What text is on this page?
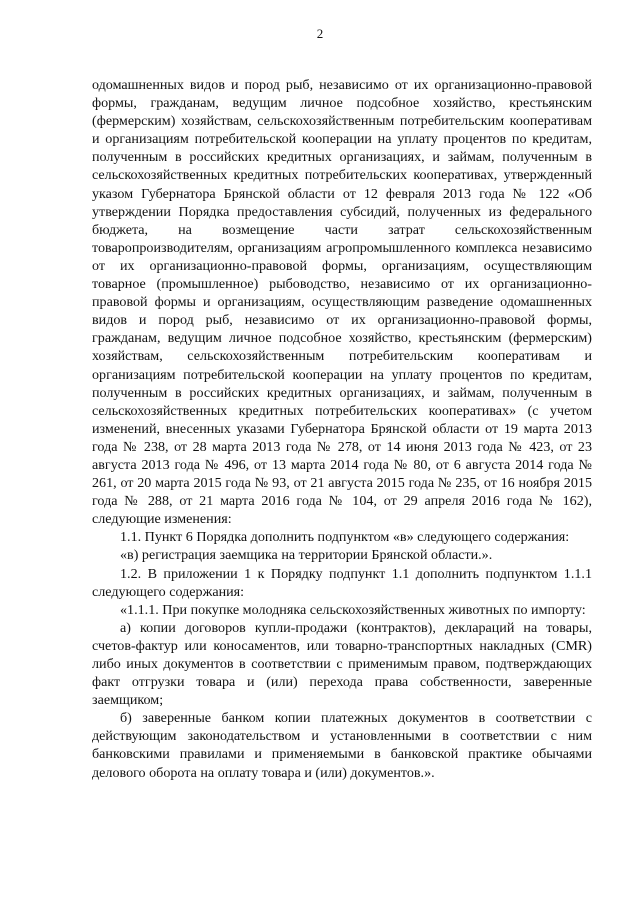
2

одомашненных видов и пород рыб, независимо от их организационно-правовой формы, гражданам, ведущим личное подсобное хозяйство, крестьянским (фермерским) хозяйствам, сельскохозяйственным потребительским кооперативам и организациям потребительской кооперации на уплату процентов по кредитам, полученным в российских кредитных организациях, и займам, полученным в сельскохозяйственных кредитных потребительских кооперативах, утвержденный указом Губернатора Брянской области от 12 февраля 2013 года № 122 «Об утверждении Порядка предоставления субсидий, полученных из федерального бюджета, на возмещение части затрат сельскохозяйственным товаропроизводителям, организациям агропромышленного комплекса независимо от их организационно-правовой формы, организациям, осуществляющим товарное (промышленное) рыбоводство, независимо от их организационно-правовой формы и организациям, осуществляющим разведение одомашненных видов и пород рыб, независимо от их организационно-правовой формы, гражданам, ведущим личное подсобное хозяйство, крестьянским (фермерским) хозяйствам, сельскохозяйственным потребительским кооперативам и организациям потребительской кооперации на уплату процентов по кредитам, полученным в российских кредитных организациях, и займам, полученным в сельскохозяйственных кредитных потребительских кооперативах» (с учетом изменений, внесенных указами Губернатора Брянской области от 19 марта 2013 года № 238, от 28 марта 2013 года № 278, от 14 июня 2013 года № 423, от 23 августа 2013 года № 496, от 13 марта 2014 года № 80, от 6 августа 2014 года № 261, от 20 марта 2015 года № 93, от 21 августа 2015 года № 235, от 16 ноября 2015 года № 288, от 21 марта 2016 года № 104, от 29 апреля 2016 года № 162), следующие изменения:

1.1. Пункт 6 Порядка дополнить подпунктом «в» следующего содержания:

«в) регистрация заемщика на территории Брянской области.».

1.2. В приложении 1 к Порядку подпункт 1.1 дополнить подпунктом 1.1.1 следующего содержания:

«1.1.1. При покупке молодняка сельскохозяйственных животных по импорту:

а) копии договоров купли-продажи (контрактов), деклараций на товары, счетов-фактур или коносаментов, или товарно-транспортных накладных (CMR) либо иных документов в соответствии с применимым правом, подтверждающих факт отгрузки товара и (или) перехода права собственности, заверенные заемщиком;

б) заверенные банком копии платежных документов в соответствии с действующим законодательством и установленными в соответствии с ним банковскими правилами и применяемыми в банковской практике обычаями делового оборота на оплату товара и (или) документов.».
